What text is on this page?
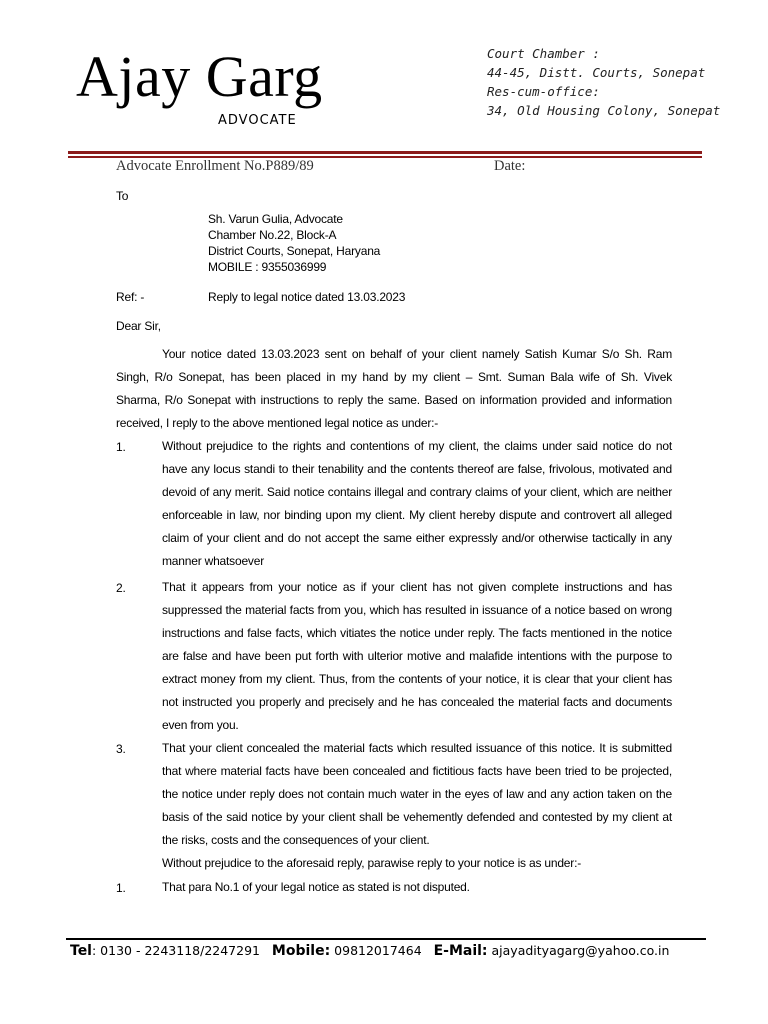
Ajay Garg
ADVOCATE
Court Chamber :
44-45, Distt. Courts, Sonepat
Res-cum-office:
34, Old Housing Colony, Sonepat
Advocate Enrollment No.P889/89	Date:
To
Sh. Varun Gulia, Advocate
Chamber No.22, Block-A
District Courts, Sonepat, Haryana
MOBILE : 9355036999
Ref: -	Reply to legal notice dated 13.03.2023
Dear Sir,
Your notice dated 13.03.2023 sent on behalf of your client namely Satish Kumar S/o Sh. Ram
Singh, R/o Sonepat, has been placed in my hand by my client – Smt. Suman Bala wife of Sh. Vivek
Sharma, R/o Sonepat with instructions to reply the same. Based on information provided and information
received, I reply to the above mentioned legal notice as under:-
1.	Without prejudice to the rights and contentions of my client, the claims under said notice do not
have any locus standi to their tenability and the contents thereof are false, frivolous, motivated and
devoid of any merit. Said notice contains illegal and contrary claims of your client, which are neither
enforceable in law, nor binding upon my client. My client hereby dispute and controvert all alleged
claim of your client and do not accept the same either expressly and/or otherwise tactically in any
manner whatsoever
2.	That it appears from your notice as if your client has not given complete instructions and has
suppressed the material facts from you, which has resulted in issuance of a notice based on wrong
instructions and false facts, which vitiates the notice under reply. The facts mentioned in the notice
are false and have been put forth with ulterior motive and malafide intentions with the purpose to
extract money from my client. Thus, from the contents of your notice, it is clear that your client has
not instructed you properly and precisely and he has concealed the material facts and documents
even from you.
3.	That your client concealed the material facts which resulted issuance of this notice. It is submitted
that where material facts have been concealed and fictitious facts have been tried to be projected,
the notice under reply does not contain much water in the eyes of law and any action taken on the
basis of the said notice by your client shall be vehemently defended and contested by my client at
the risks, costs and the consequences of your client.
Without prejudice to the aforesaid reply, parawise reply to your notice is as under:-
1.	That para No.1 of your legal notice as stated is not disputed.
Tel: 0130 - 2243118/2247291 Mobile: 09812017464 E-Mail: ajayadityagarg@yahoo.co.in
